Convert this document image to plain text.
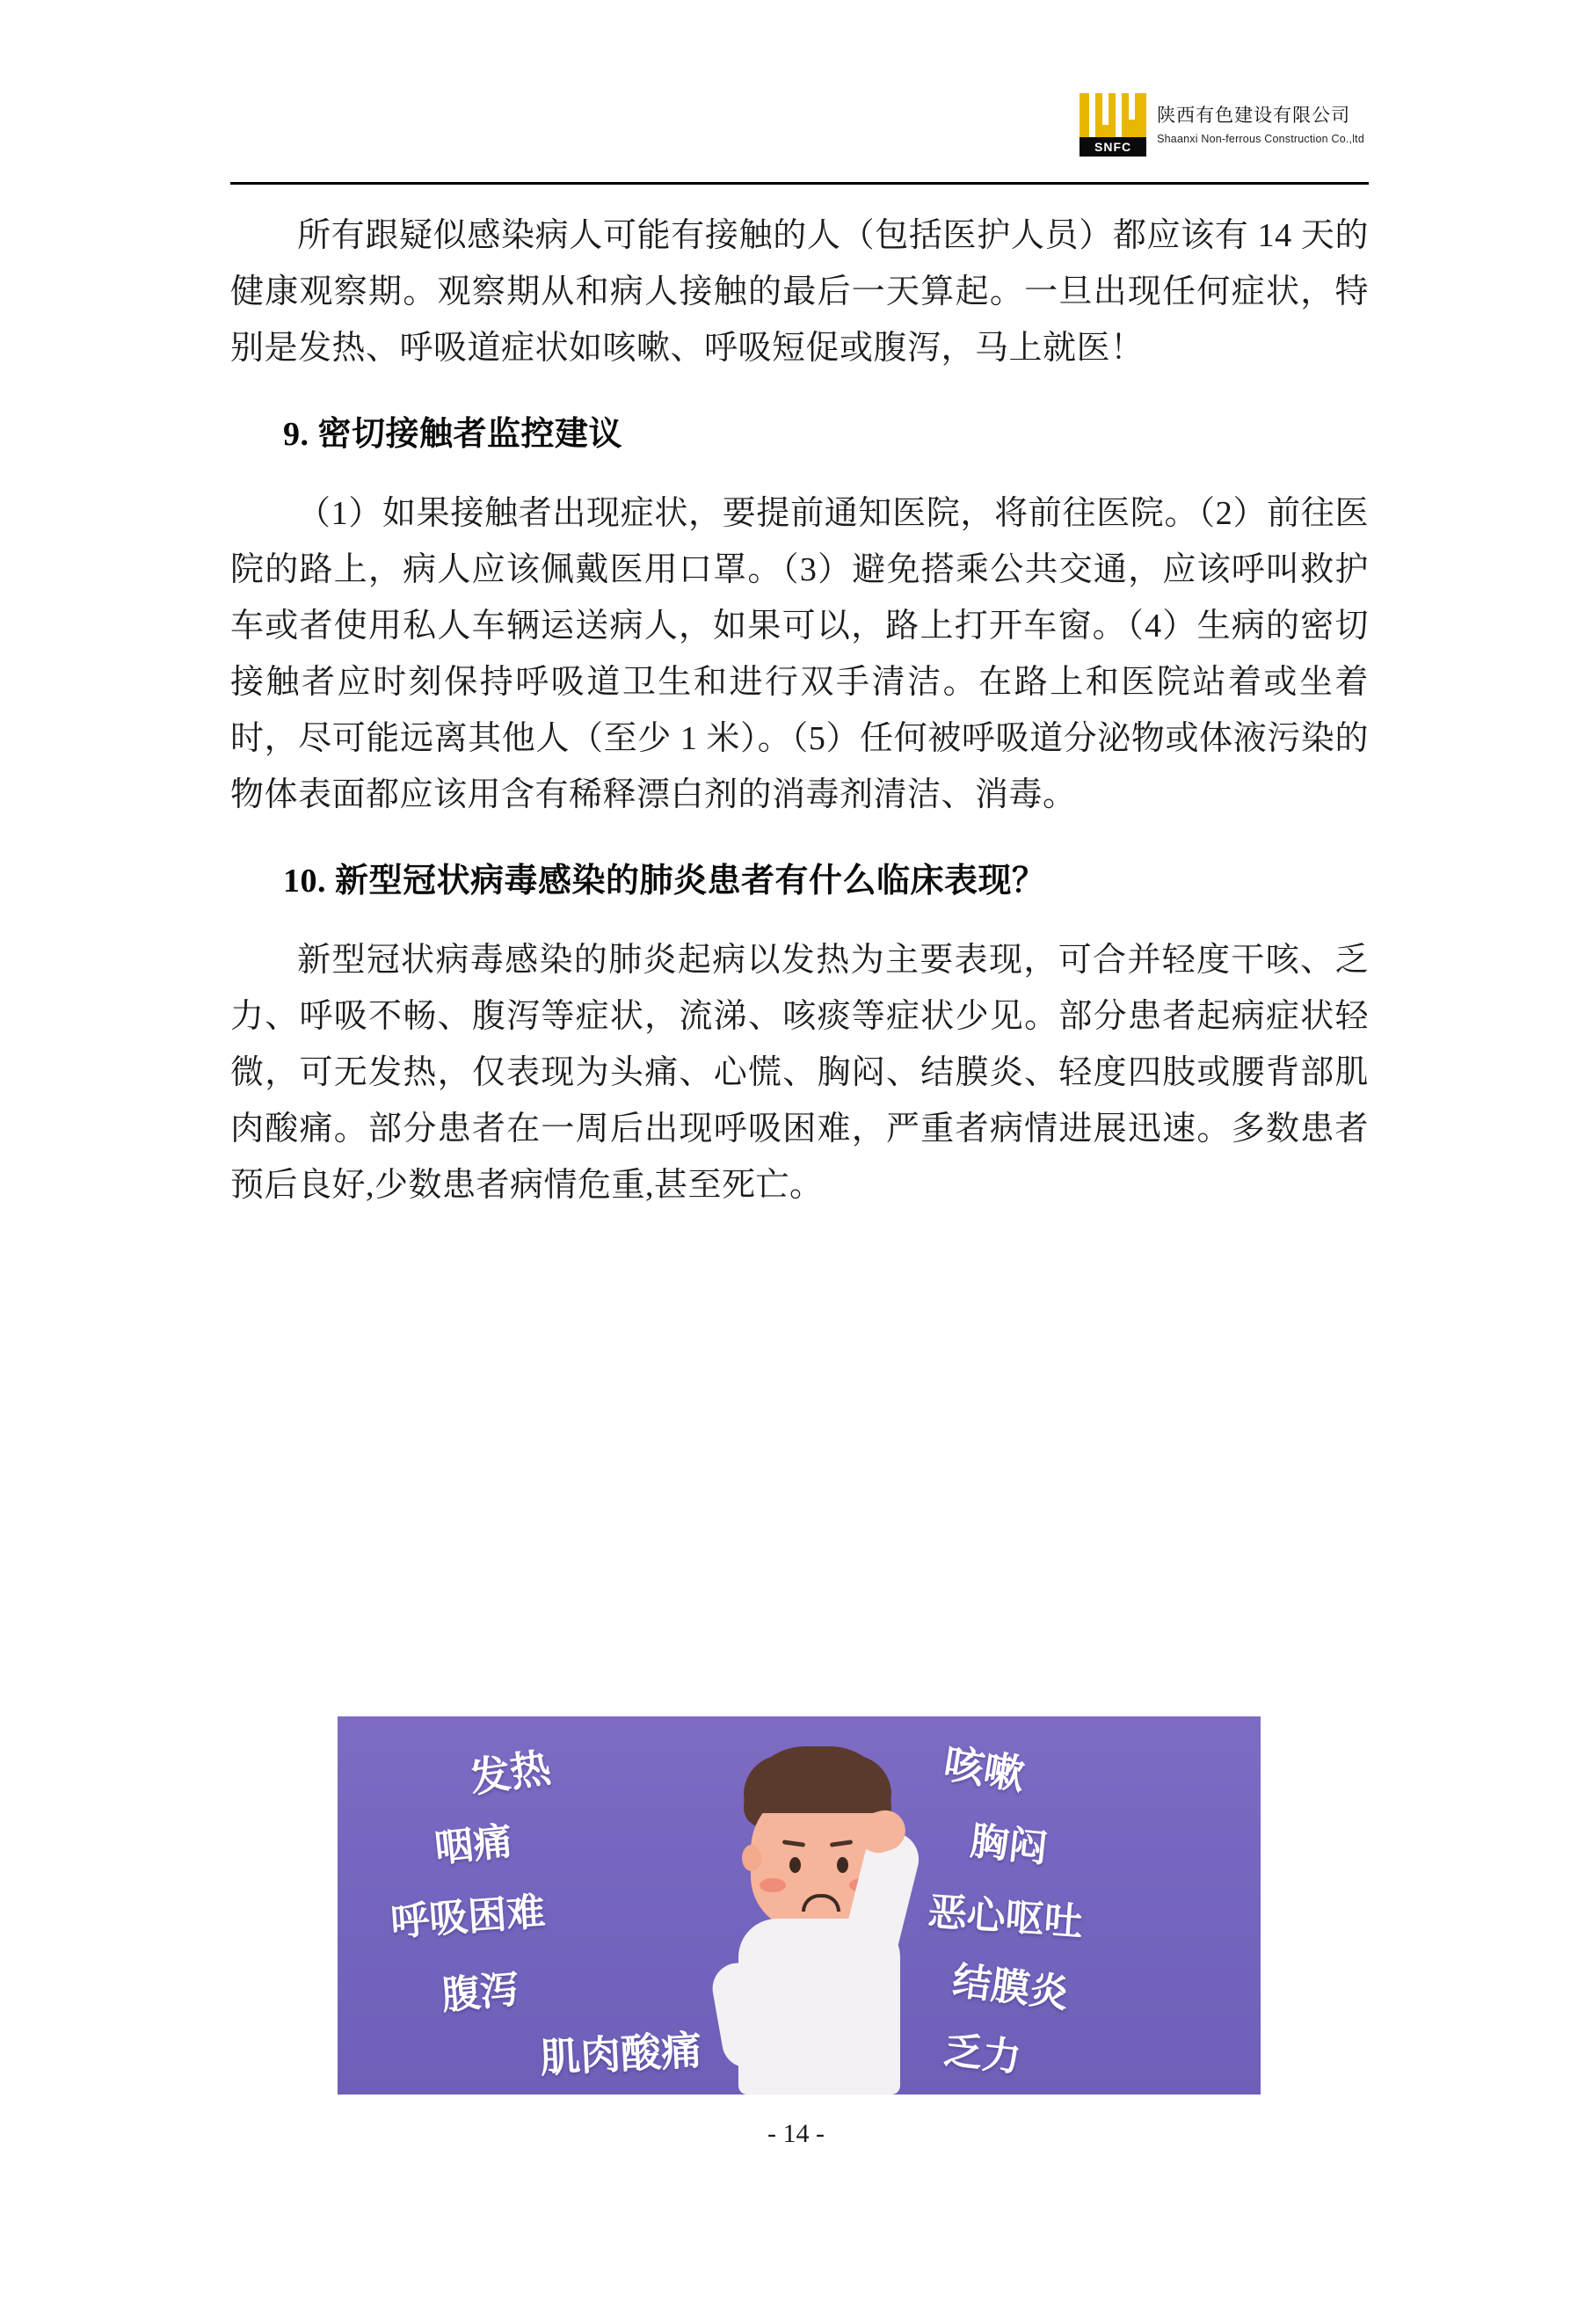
SNFC
陕西有色建设有限公司
Shaanxi Non-ferrous Construction Co.,ltd

所有跟疑似感染病人可能有接触的人（包括医护人员）都应该有 14 天的健康观察期。观察期从和病人接触的最后一天算起。一旦出现任何症状，特别是发热、呼吸道症状如咳嗽、呼吸短促或腹泻，马上就医！

9. 密切接触者监控建议

（1）如果接触者出现症状，要提前通知医院，将前往医院。（2）前往医院的路上，病人应该佩戴医用口罩。（3）避免搭乘公共交通，应该呼叫救护车或者使用私人车辆运送病人，如果可以，路上打开车窗。（4）生病的密切接触者应时刻保持呼吸道卫生和进行双手清洁。在路上和医院站着或坐着时，尽可能远离其他人（至少 1 米）。（5）任何被呼吸道分泌物或体液污染的物体表面都应该用含有稀释漂白剂的消毒剂清洁、消毒。

10. 新型冠状病毒感染的肺炎患者有什么临床表现？

新型冠状病毒感染的肺炎起病以发热为主要表现，可合并轻度干咳、乏力、呼吸不畅、腹泻等症状，流涕、咳痰等症状少见。部分患者起病症状轻微，可无发热，仅表现为头痛、心慌、胸闷、结膜炎、轻度四肢或腰背部肌肉酸痛。部分患者在一周后出现呼吸困难，严重者病情进展迅速。多数患者预后良好,少数患者病情危重,甚至死亡。

发热	咳嗽
咽痛	胸闷
呼吸困难	恶心呕吐
腹泻	结膜炎
乏力
肌肉酸痛
- 14 -
